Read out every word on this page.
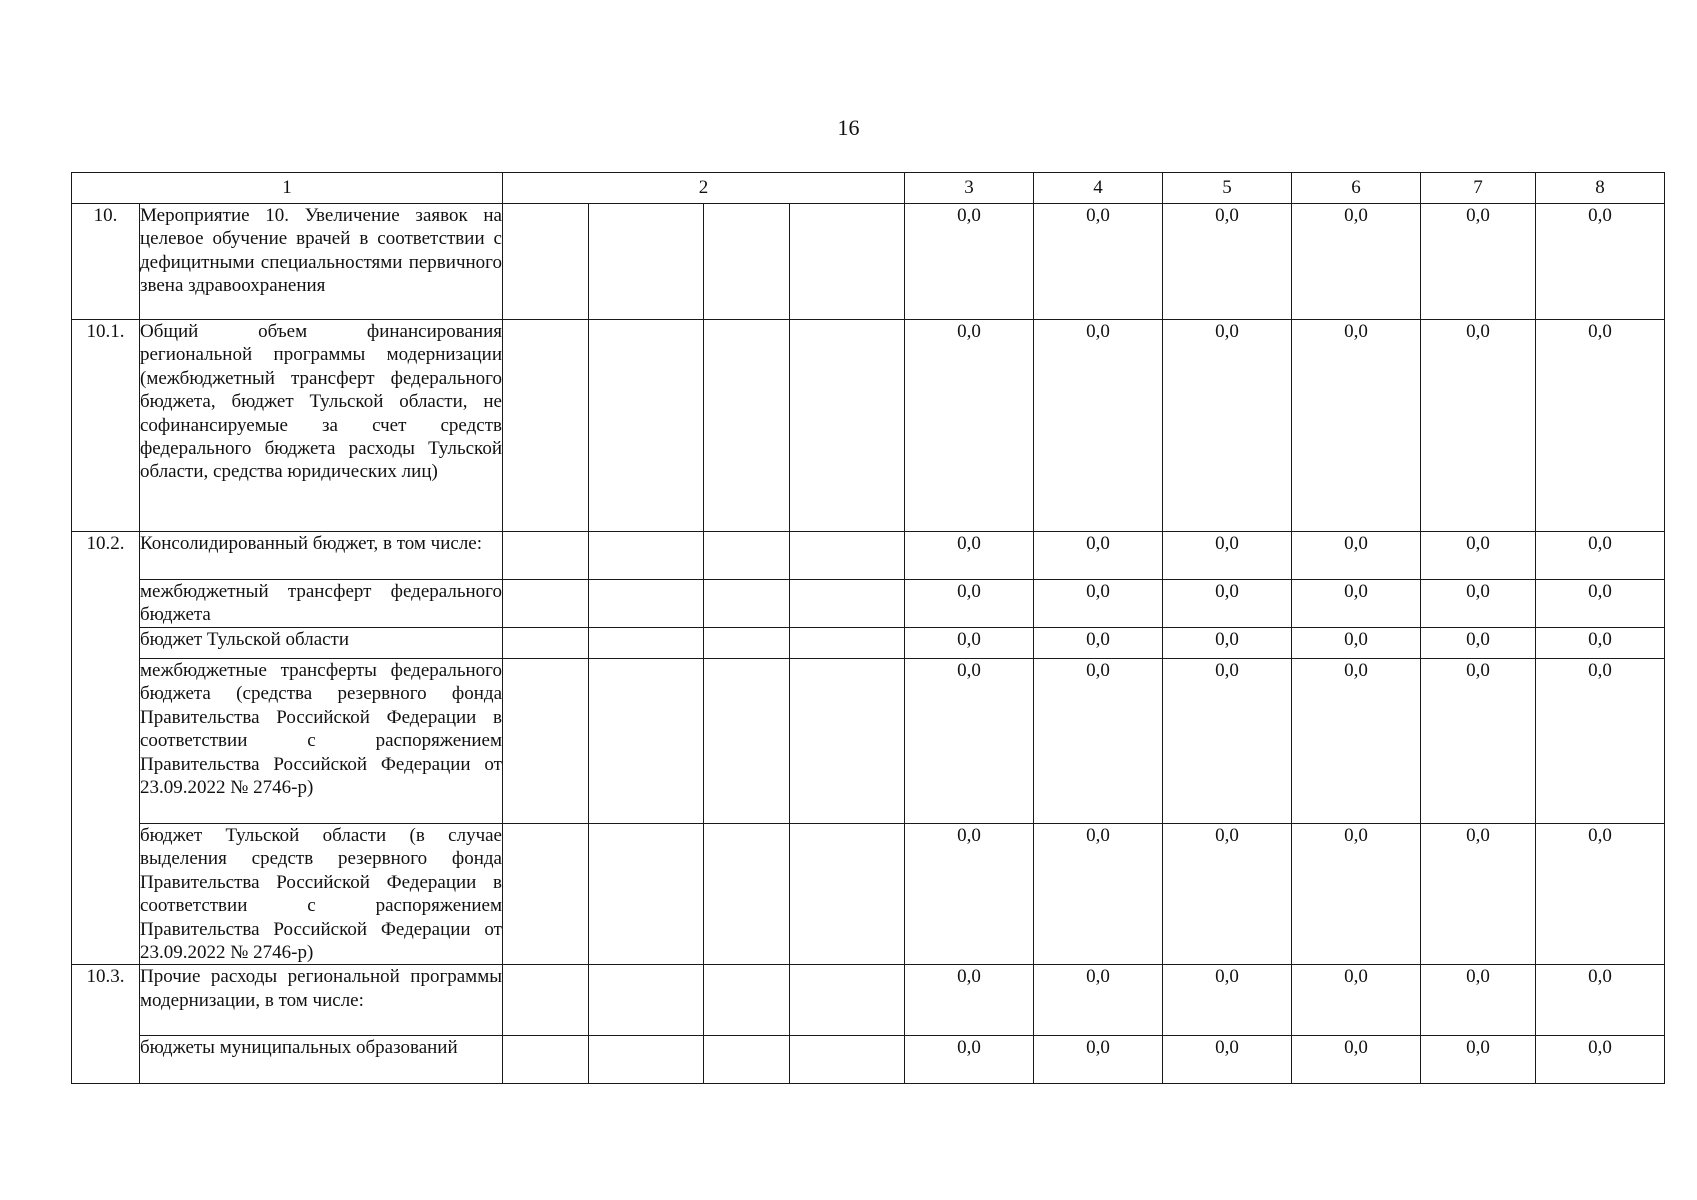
16
1		2				3	4	5	6	7	8
10.	Мероприятие 10. Увеличение заявок на целевое обучение врачей в соответствии с дефицитными специальностями первичного звена здравоохранения					0,0	0,0	0,0	0,0	0,0	0,0
10.1.	Общий объем финансирования региональной программы модернизации (межбюджетный трансферт федерального бюджета, бюджет Тульской области, не софинансируемые за счет средств федерального бюджета расходы Тульской области, средства юридических лиц)					0,0	0,0	0,0	0,0	0,0	0,0
10.2.	Консолидированный бюджет, в том числе:					0,0	0,0	0,0	0,0	0,0	0,0
	межбюджетный трансферт федерального бюджета					0,0	0,0	0,0	0,0	0,0	0,0
	бюджет Тульской области					0,0	0,0	0,0	0,0	0,0	0,0
	межбюджетные трансферты федерального бюджета (средства резервного фонда Правительства Российской Федерации в соответствии с распоряжением Правительства Российской Федерации от 23.09.2022 № 2746-р)					0,0	0,0	0,0	0,0	0,0	0,0
	бюджет Тульской области (в случае выделения средств резервного фонда Правительства Российской Федерации в соответствии с распоряжением Правительства Российской Федерации от 23.09.2022 № 2746-р)					0,0	0,0	0,0	0,0	0,0	0,0
10.3.	Прочие расходы региональной программы модернизации, в том числе:					0,0	0,0	0,0	0,0	0,0	0,0
	бюджеты муниципальных образований					0,0	0,0	0,0	0,0	0,0	0,0
